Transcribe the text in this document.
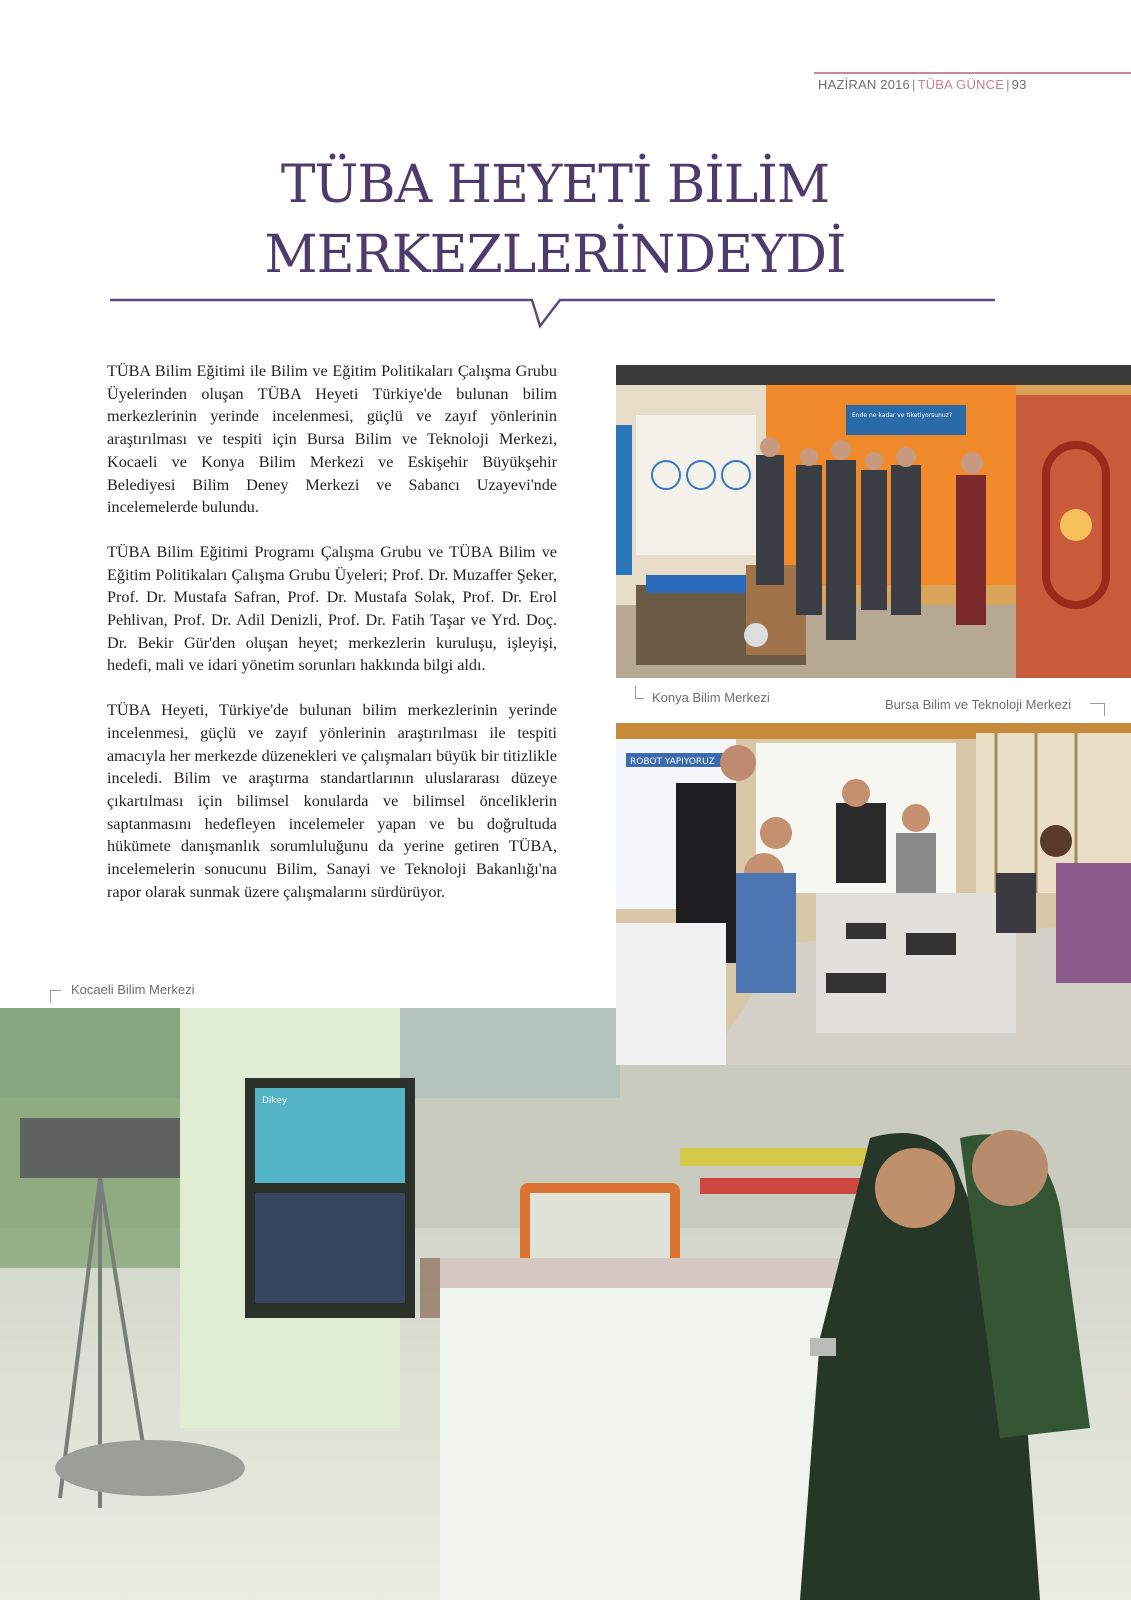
HAZİRAN 2016 | TÜBA GÜNCE | 93
TÜBA HEYETİ BİLİM
MERKEZLERİNDEYDİ

TÜBA Bilim Eğitimi ile Bilim ve Eğitim Politikaları Çalışma Grubu Üyelerinden oluşan TÜBA Heyeti Türkiye'de bulunan bilim merkezlerinin yerinde incelenmesi, güçlü ve zayıf yönlerinin araştırılması ve tespiti için Bursa Bilim ve Teknoloji Merkezi, Kocaeli ve Konya Bilim Merkezi ve Eskişehir Büyükşehir Belediyesi Bilim Deney Merkezi ve Sabancı Uzayevi'nde incelemelerde bulundu.

TÜBA Bilim Eğitimi Programı Çalışma Grubu ve TÜBA Bilim ve Eğitim Politikaları Çalışma Grubu Üyeleri; Prof. Dr. Muzaffer Şeker, Prof. Dr. Mustafa Safran, Prof. Dr. Mustafa Solak, Prof. Dr. Erol Pehlivan, Prof. Dr. Adil Denizli, Prof. Dr. Fatih Taşar ve Yrd. Doç. Dr. Bekir Gür'den oluşan heyet; merkezlerin kuruluşu, işleyişi, hedefi, mali ve idari yönetim sorunları hakkında bilgi aldı.

TÜBA Heyeti, Türkiye'de bulunan bilim merkezlerinin yerinde incelenmesi, güçlü ve zayıf yönlerinin araştırılması ile tespiti amacıyla her merkezde düzenekleri ve çalışmaları büyük bir titizlikle inceledi. Bilim ve araştırma standartlarının uluslararası düzeye çıkartılması için bilimsel konularda ve bilimsel önceliklerin saptanmasını hedefleyen incelemeler yapan ve bu doğrultuda hükümete danışmanlık sorumluluğunu da yerine getiren TÜBA, incelemelerin sonucunu Bilim, Sanayi ve Teknoloji Bakanlığı'na rapor olarak sunmak üzere çalışmalarını sürdürüyor.

Dikey
Ende ne kadar ve tiketiyorsunuz?
Konya Bilim Merkezi	Bursa Bilim ve Teknoloji Merkezi
ROBOT YAPIYORUZ
Kocaeli Bilim Merkezi
